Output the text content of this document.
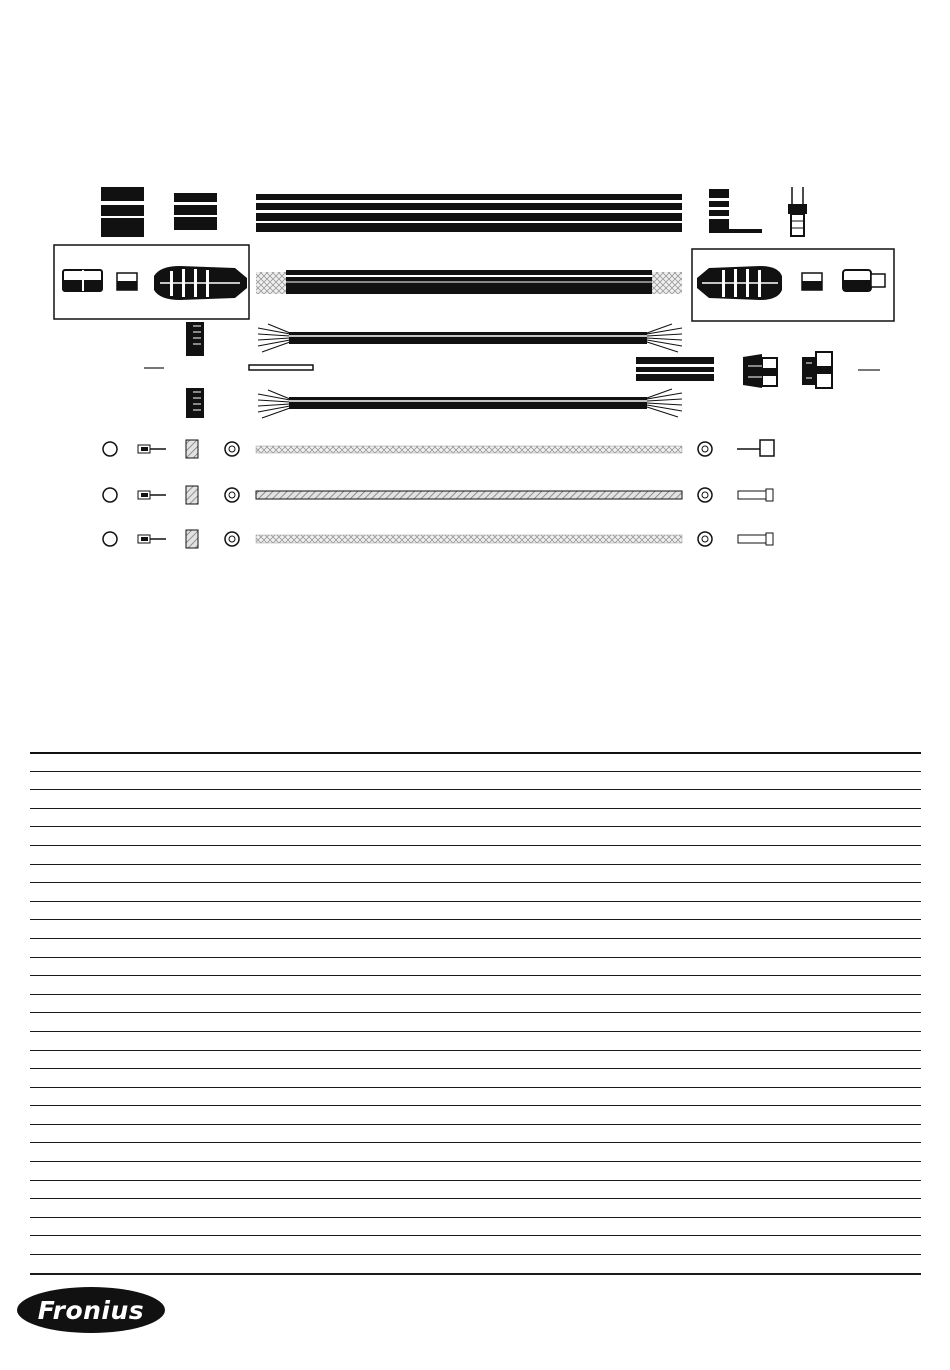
Fronius
